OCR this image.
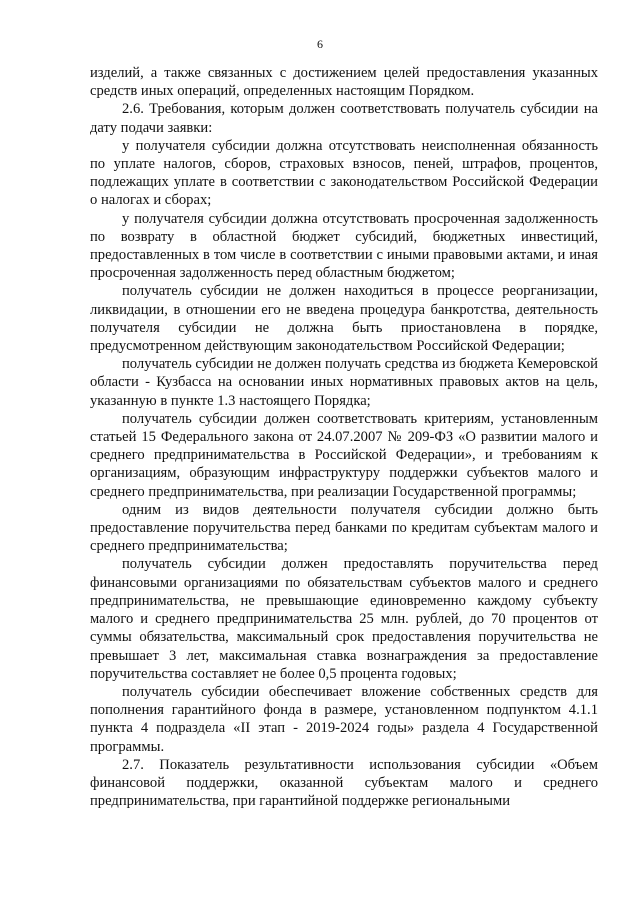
6

изделий, а также связанных с достижением целей предоставления указанных средств иных операций, определенных настоящим Порядком.

2.6. Требования, которым должен соответствовать получатель субсидии на дату подачи заявки:

у получателя субсидии должна отсутствовать неисполненная обязанность по уплате налогов, сборов, страховых взносов, пеней, штрафов, процентов, подлежащих уплате в соответствии с законодательством Российской Федерации о налогах и сборах;

у получателя субсидии должна отсутствовать просроченная задолженность по возврату в областной бюджет субсидий, бюджетных инвестиций, предоставленных в том числе в соответствии с иными правовыми актами, и иная просроченная задолженность перед областным бюджетом;

получатель субсидии не должен находиться в процессе реорганизации, ликвидации, в отношении его не введена процедура банкротства, деятельность получателя субсидии не должна быть приостановлена в порядке, предусмотренном действующим законодательством Российской Федерации;

получатель субсидии не должен получать средства из бюджета Кемеровской области - Кузбасса на основании иных нормативных правовых актов на цель, указанную в пункте 1.3 настоящего Порядка;

получатель субсидии должен соответствовать критериям, установленным статьей 15 Федерального закона от 24.07.2007 № 209-ФЗ «О развитии малого и среднего предпринимательства в Российской Федерации», и требованиям к организациям, образующим инфраструктуру поддержки субъектов малого и среднего предпринимательства, при реализации Государственной программы;

одним из видов деятельности получателя субсидии должно быть предоставление поручительства перед банками по кредитам субъектам малого и среднего предпринимательства;

получатель субсидии должен предоставлять поручительства перед финансовыми организациями по обязательствам субъектов малого и среднего предпринимательства, не превышающие единовременно каждому субъекту малого и среднего предпринимательства 25 млн. рублей, до 70 процентов от суммы обязательства, максимальный срок предоставления поручительства не превышает 3 лет, максимальная ставка вознаграждения за предоставление поручительства составляет не более 0,5 процента годовых;

получатель субсидии обеспечивает вложение собственных средств для пополнения гарантийного фонда в размере, установленном подпунктом 4.1.1 пункта 4 подраздела «II этап - 2019-2024 годы» раздела 4 Государственной программы.

2.7. Показатель результативности использования субсидии «Объем финансовой поддержки, оказанной субъектам малого и среднего предпринимательства, при гарантийной поддержке региональными
